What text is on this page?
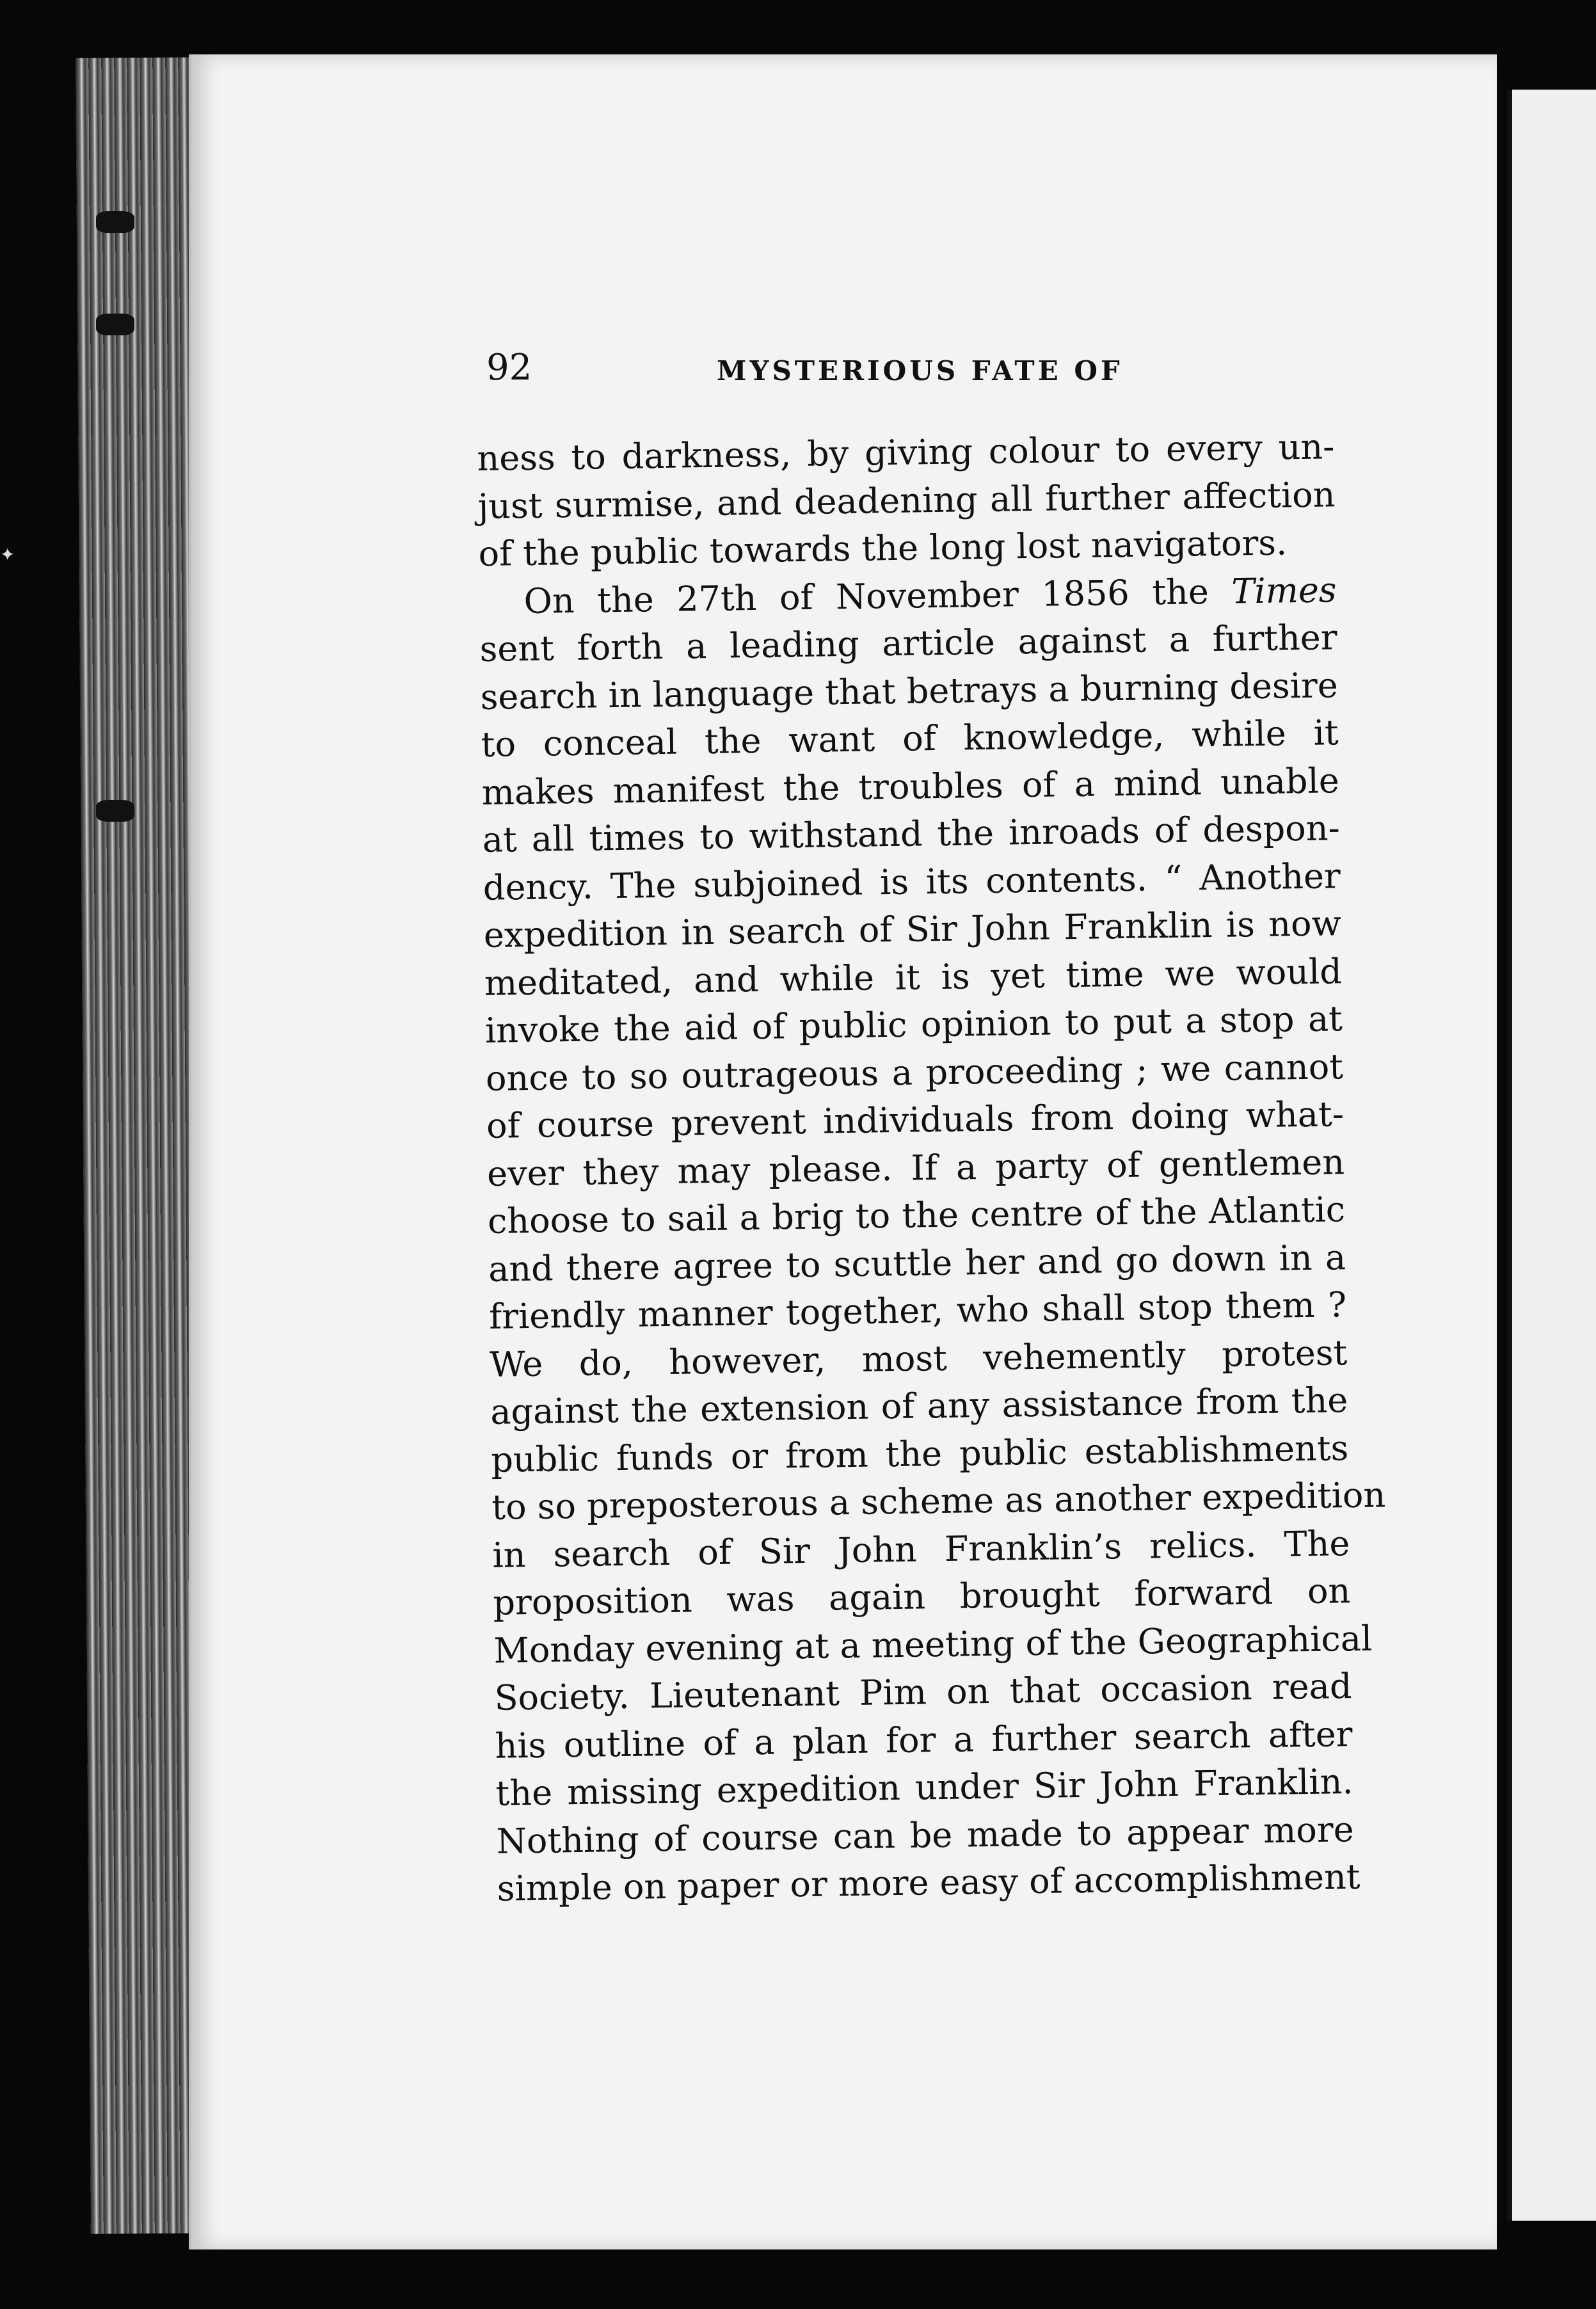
✦
92	MYSTERIOUS FATE OF
ness to darkness, by giving colour to every un-
just surmise, and deadening all further affection
of the public towards the long lost navigators.
On the 27th of November 1856 the Times
sent forth a leading article against a further
search in language that betrays a burning desire
to conceal the want of knowledge, while it
makes manifest the troubles of a mind unable
at all times to withstand the inroads of despon-
dency. The subjoined is its contents. “ Another
expedition in search of Sir John Franklin is now
meditated, and while it is yet time we would
invoke the aid of public opinion to put a stop at
once to so outrageous a proceeding ; we cannot
of course prevent individuals from doing what-
ever they may please. If a party of gentlemen
choose to sail a brig to the centre of the Atlantic
and there agree to scuttle her and go down in a
friendly manner together, who shall stop them ?
We do, however, most vehemently protest
against the extension of any assistance from the
public funds or from the public establishments
to so preposterous a scheme as another expedition
in search of Sir John Franklin’s relics. The
proposition was again brought forward on
Monday evening at a meeting of the Geographical
Society. Lieutenant Pim on that occasion read
his outline of a plan for a further search after
the missing expedition under Sir John Franklin.
Nothing of course can be made to appear more
simple on paper or more easy of accomplishment
